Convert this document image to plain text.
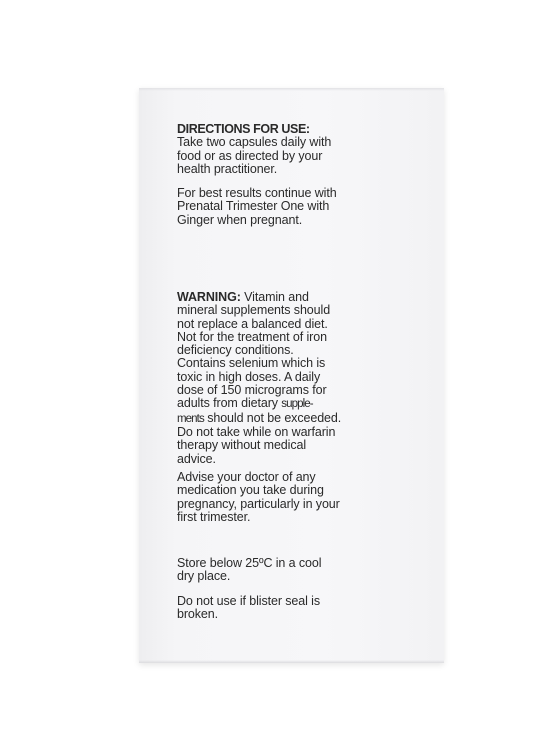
DIRECTIONS FOR USE:
Take two capsules daily with
food or as directed by your
health practitioner.
For best results continue with
Prenatal Trimester One with
Ginger when pregnant.
WARNING: Vitamin and
mineral supplements should
not replace a balanced diet.
Not for the treatment of iron
deficiency conditions.
Contains selenium which is
toxic in high doses. A daily
dose of 150 micrograms for
adults from dietary supple-
ments should not be exceeded.
Do not take while on warfarin
therapy without medical
advice.
Advise your doctor of any
medication you take during
pregnancy, particularly in your
first trimester.
Store below 25ºC in a cool
dry place.
Do not use if blister seal is
broken.
